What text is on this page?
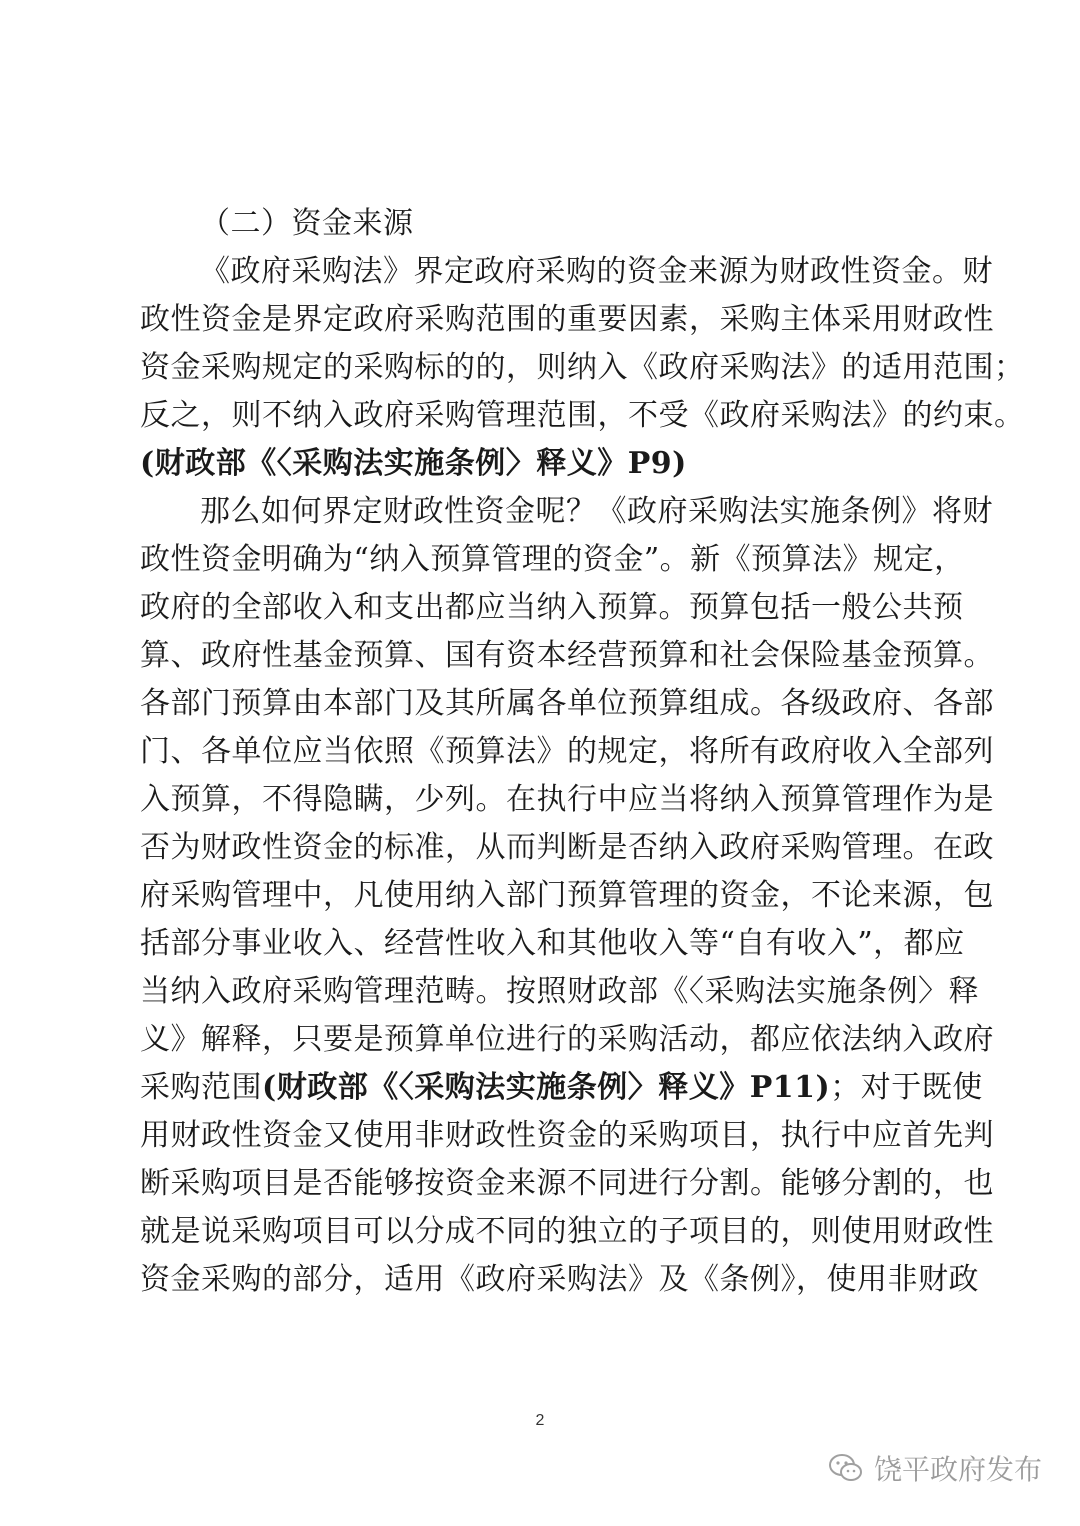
（二）资金来源
《政府采购法》界定政府采购的资金来源为财政性资金。财
政性资金是界定政府采购范围的重要因素，采购主体采用财政性
资金采购规定的采购标的的，则纳入《政府采购法》的适用范围；
反之，则不纳入政府采购管理范围，不受《政府采购法》的约束。
(财政部《〈采购法实施条例〉释义》P9)
那么如何界定财政性资金呢？《政府采购法实施条例》将财
政性资金明确为“纳入预算管理的资金”。新《预算法》规定，
政府的全部收入和支出都应当纳入预算。预算包括一般公共预
算、政府性基金预算、国有资本经营预算和社会保险基金预算。
各部门预算由本部门及其所属各单位预算组成。各级政府、各部
门、各单位应当依照《预算法》的规定，将所有政府收入全部列
入预算，不得隐瞒，少列。在执行中应当将纳入预算管理作为是
否为财政性资金的标准，从而判断是否纳入政府采购管理。在政
府采购管理中，凡使用纳入部门预算管理的资金，不论来源，包
括部分事业收入、经营性收入和其他收入等“自有收入”，都应
当纳入政府采购管理范畴。按照财政部《〈采购法实施条例〉释
义》解释，只要是预算单位进行的采购活动，都应依法纳入政府
采购范围(财政部《〈采购法实施条例〉释义》P11)；对于既使
用财政性资金又使用非财政性资金的采购项目，执行中应首先判
断采购项目是否能够按资金来源不同进行分割。能够分割的，也
就是说采购项目可以分成不同的独立的子项目的，则使用财政性
资金采购的部分，适用《政府采购法》及《条例》，使用非财政
2
饶平政府发布
